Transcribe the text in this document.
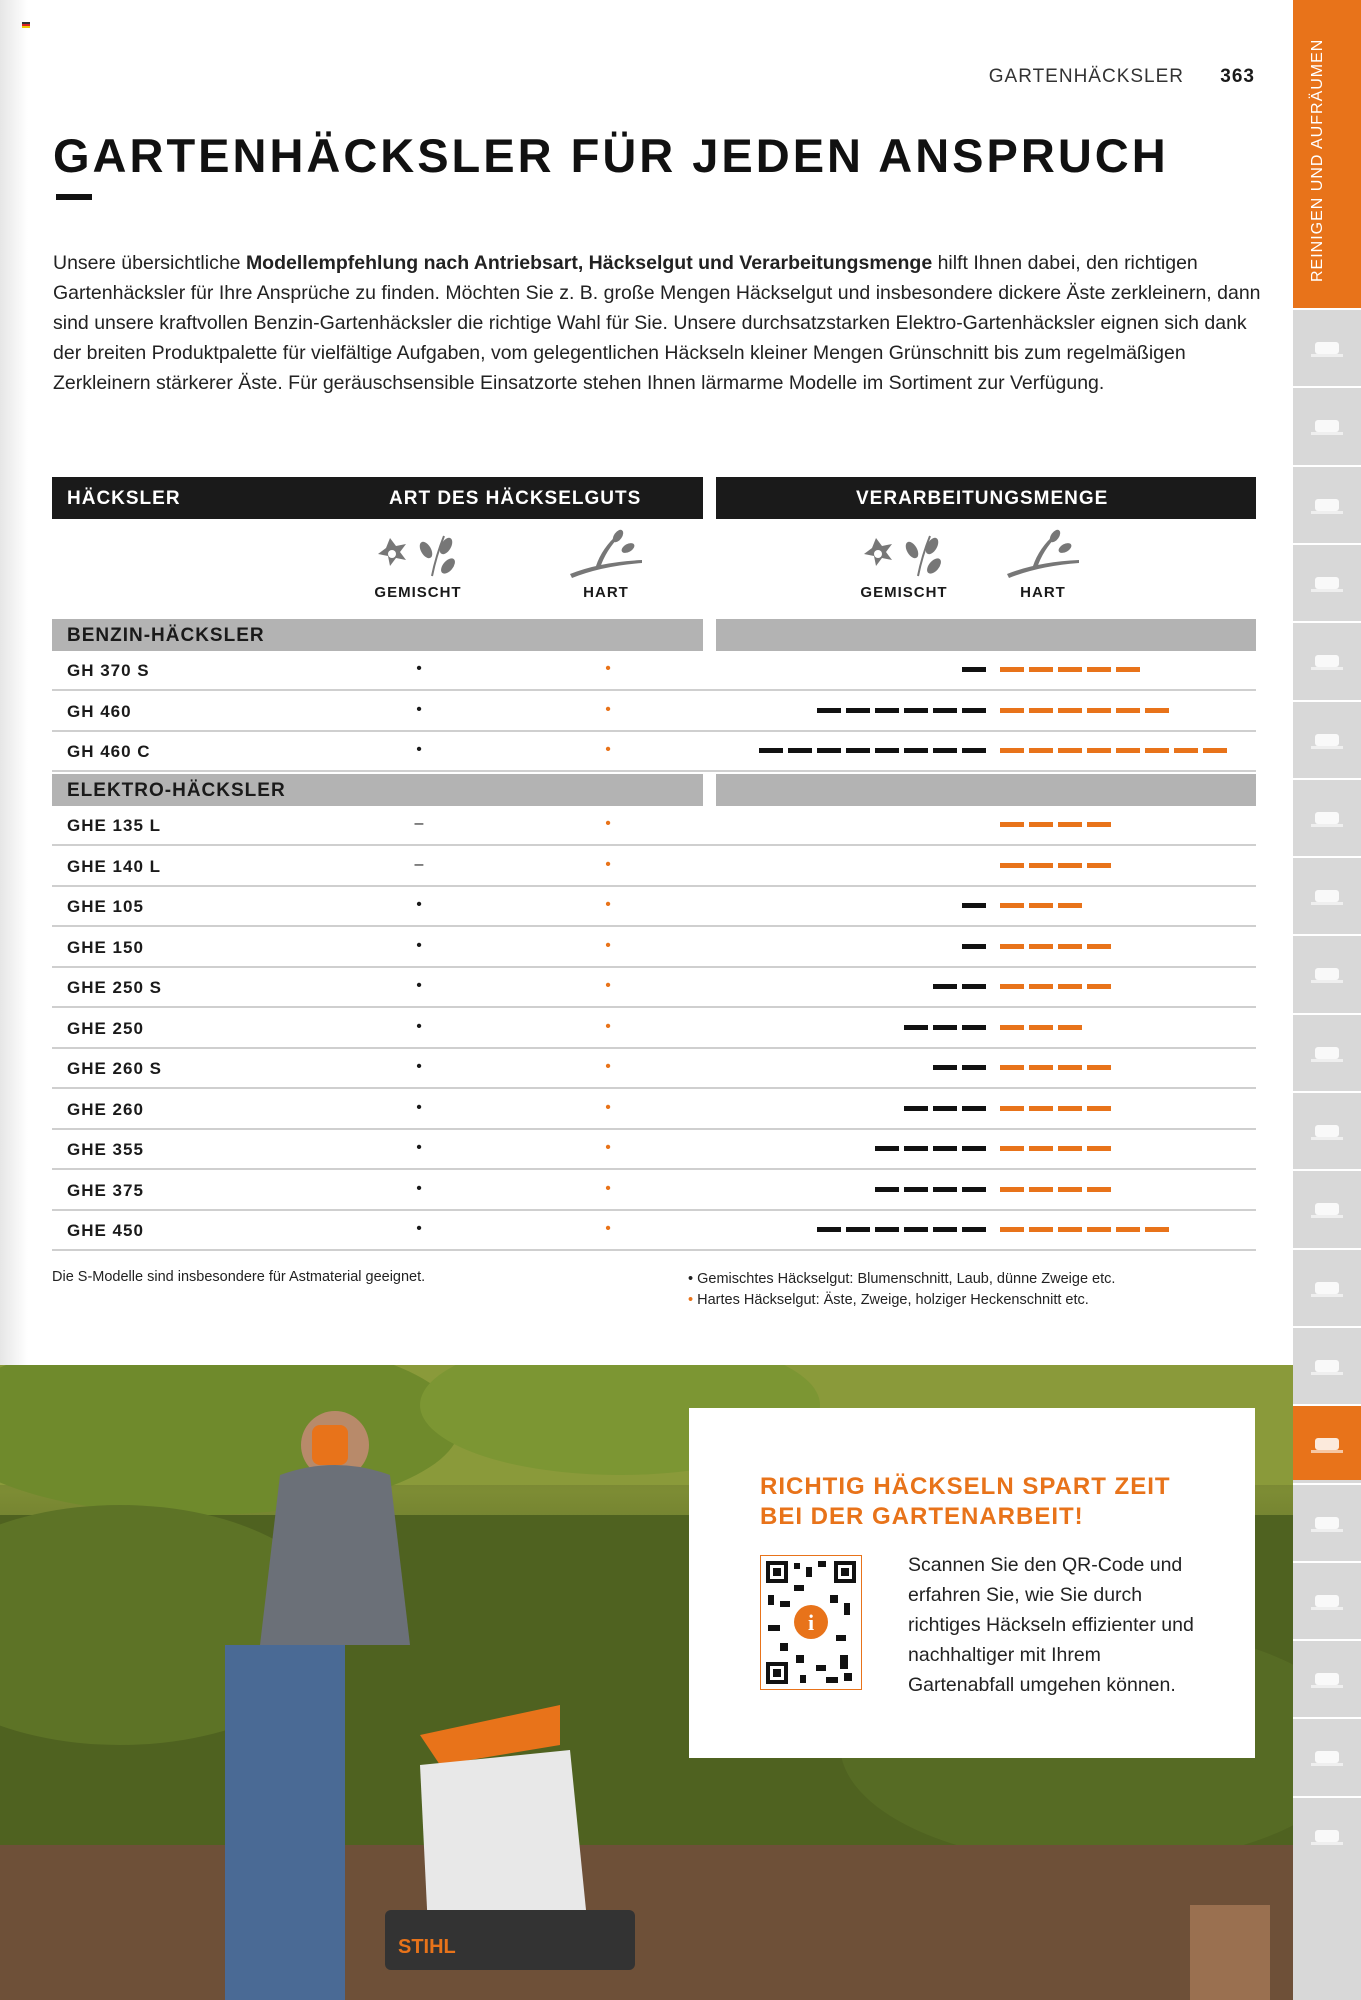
GARTENHÄCKSLER 363
GARTENHÄCKSLER FÜR JEDEN ANSPRUCH
Unsere übersichtliche Modellempfehlung nach Antriebsart, Häckselgut und Verarbeitungsmenge hilft Ihnen dabei, den richtigen Gartenhäcksler für Ihre Ansprüche zu finden. Möchten Sie z. B. große Mengen Häckselgut und insbesondere dickere Äste zerkleinern, dann sind unsere kraftvollen Benzin-Gartenhäcksler die richtige Wahl für Sie. Unsere durchsatzstarken Elektro-Gartenhäcksler eignen sich dank der breiten Produktpalette für vielfältige Aufgaben, vom gelegentlichen Häckseln kleiner Mengen Grünschnitt bis zum regelmäßigen Zerkleinern stärkerer Äste. Für geräuschsensible Einsatzorte stehen Ihnen lärmarme Modelle im Sortiment zur Verfügung.
HÄCKSLER	ART DES HÄCKSELGUTS	VERARBEITUNGSMENGE
GEMISCHT	HART	GEMISCHT	HART
BENZIN-HÄCKSLER
GH 370 S	•	•
GH 460	•	•
GH 460 C	•	•
ELEKTRO-HÄCKSLER
GHE 135 L	–	•
GHE 140 L	–	•
GHE 105	•	•
GHE 150	•	•
GHE 250 S	•	•
GHE 250	•	•
GHE 260 S	•	•
GHE 260	•	•
GHE 355	•	•
GHE 375	•	•
GHE 450	•	•
Die S-Modelle sind insbesondere für Astmaterial geeignet.	• Gemischtes Häckselgut: Blumenschnitt, Laub, dünne Zweige etc.
• Hartes Häckselgut: Äste, Zweige, holziger Heckenschnitt etc.
STIHL
RICHTIG HÄCKSELN SPART ZEIT BEI DER GARTENARBEIT!
i

Scannen Sie den QR-Code und erfahren Sie, wie Sie durch richtiges Häckseln effizienter und nachhaltiger mit Ihrem Gartenabfall umgehen können.

REINIGEN UND AUFRÄUMEN
